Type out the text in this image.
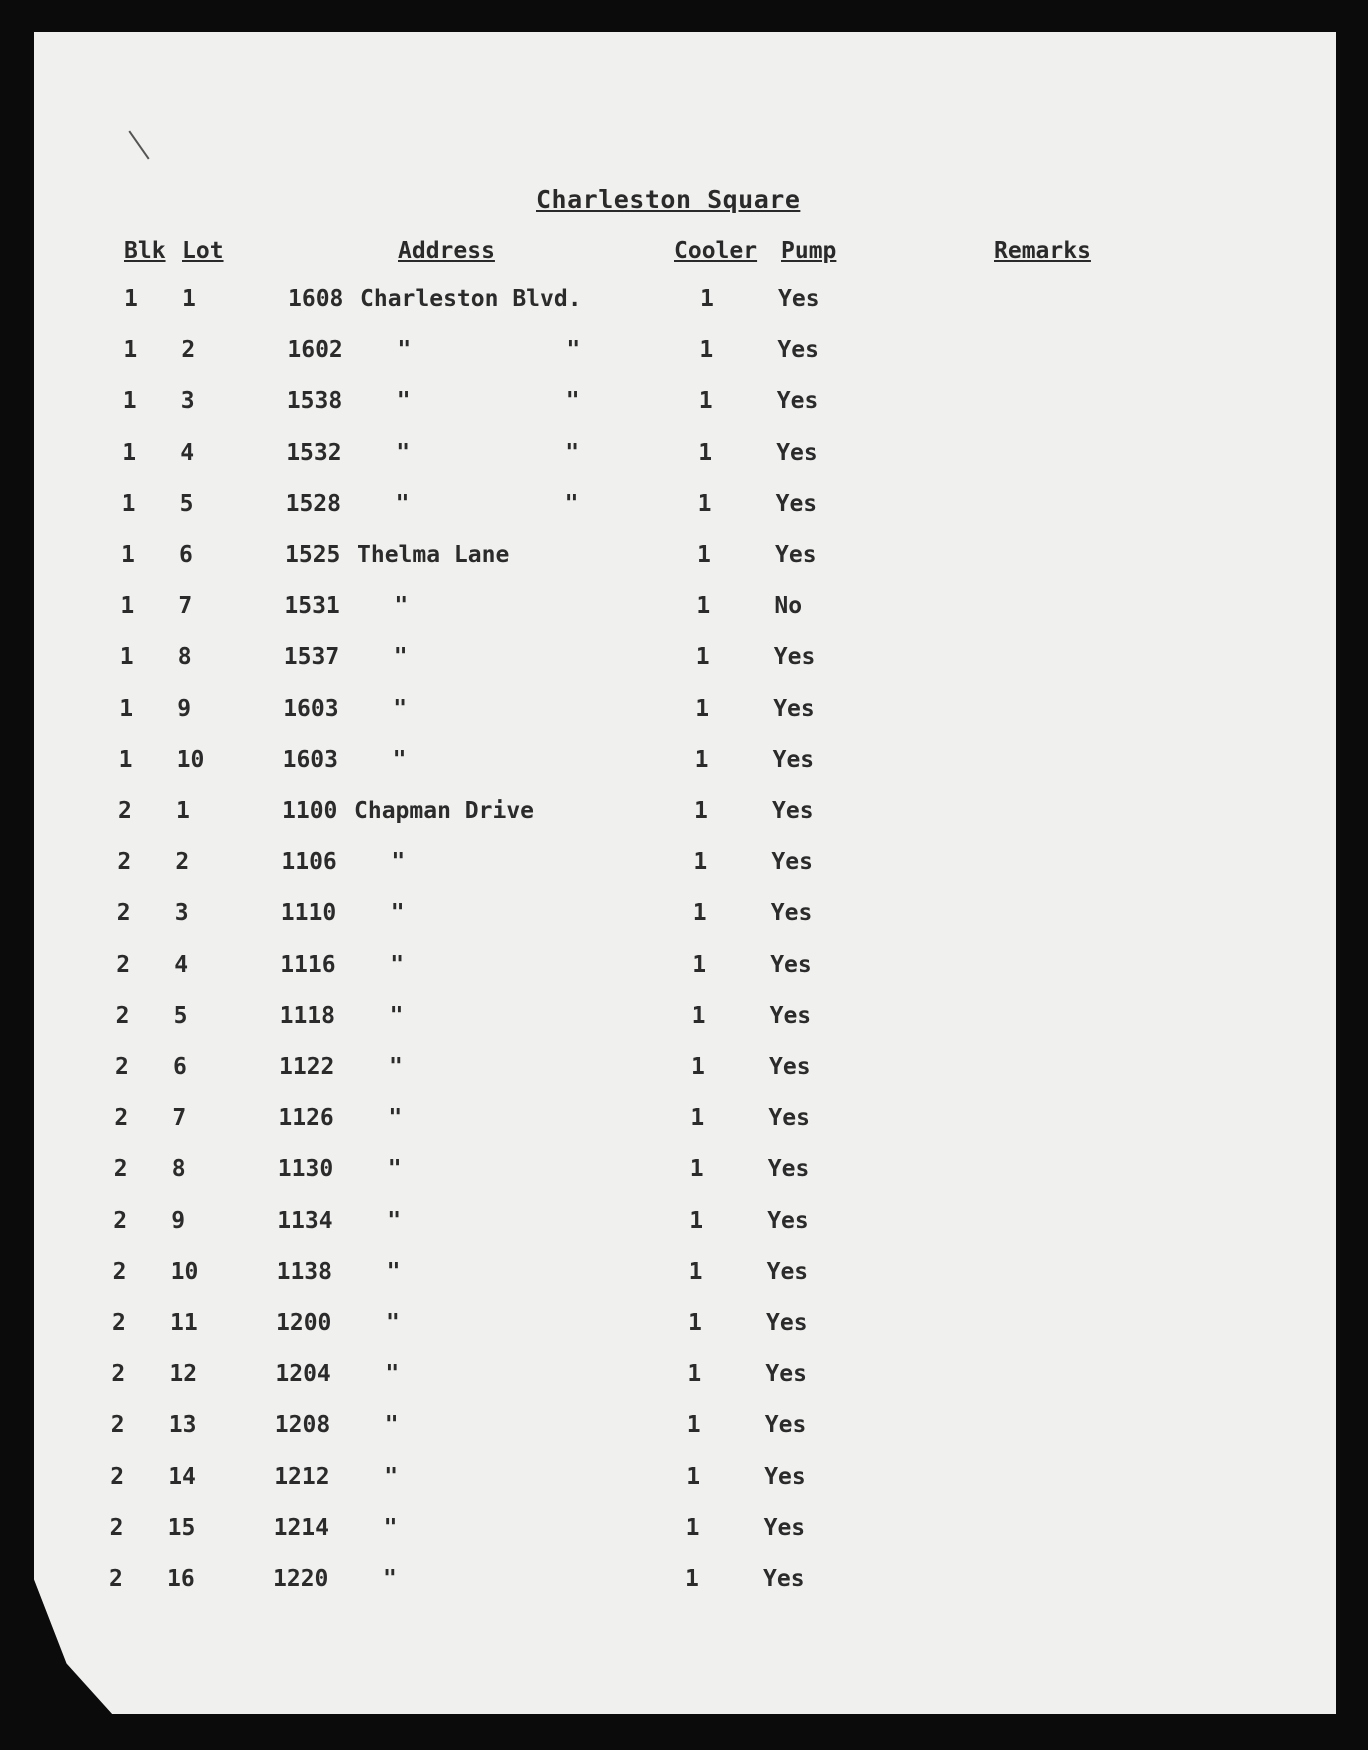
Charleston Square
Blk Lot	Address	Cooler Pump	Remarks
1 1	1608 Charleston Blvd.	1	Yes
1 2	1602 "	"	1	Yes
1 3	1538 "	"	1	Yes
1 4	1532 "	"	1	Yes
1 5	1528 "	"	1	Yes
1 6	1525 Thelma Lane	1	Yes
1 7	1531 "	1	No
1 8	1537 "	1	Yes
1 9	1603 "	1	Yes
1 10	1603 "	1	Yes
2 1	1100 Chapman Drive	1	Yes
2 2	1106 "	1	Yes
2 3	1110 "	1	Yes
2 4	1116 "	1	Yes
2 5	1118 "	1	Yes
2 6	1122 "	1	Yes
2 7	1126 "	1	Yes
2 8	1130 "	1	Yes
2 9	1134 "	1	Yes
2 10	1138 "	1	Yes
2 11	1200 "	1	Yes
2 12	1204 "	1	Yes
2 13	1208 "	1	Yes
2 14	1212 "	1	Yes
2 15	1214 "	1	Yes
2 16	1220 "	1	Yes
